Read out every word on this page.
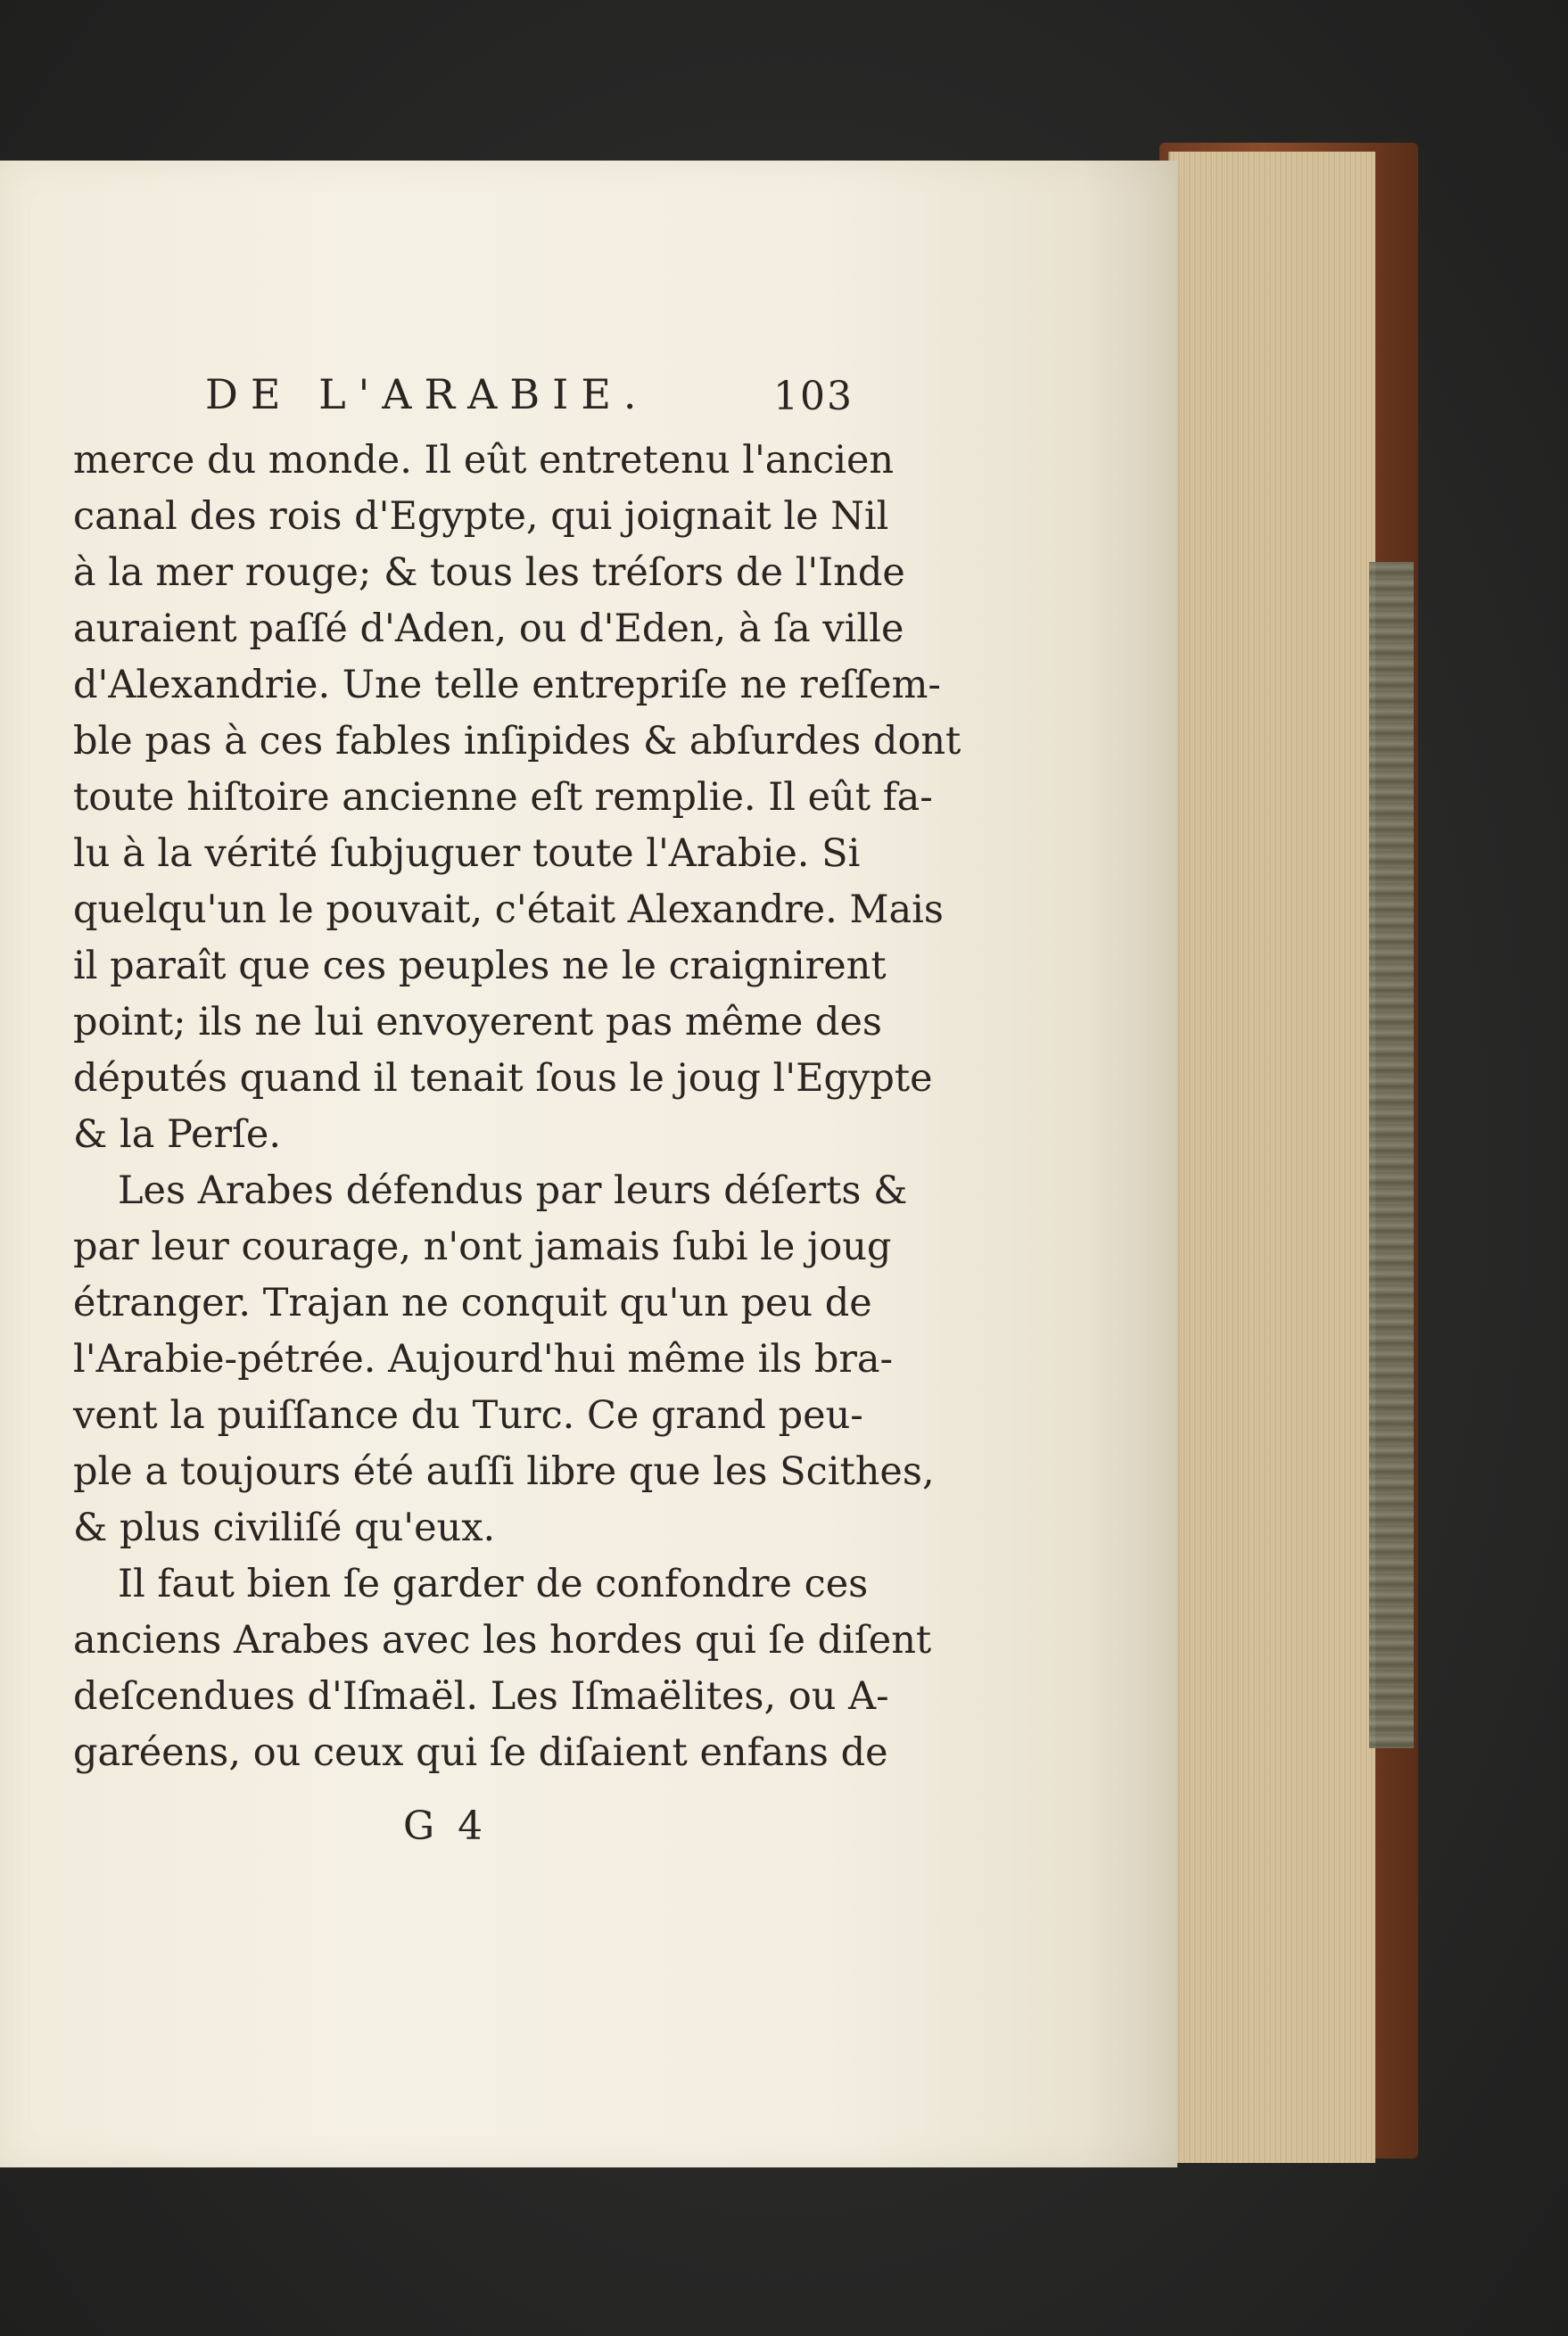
DE L'ARABIE.	103
merce du monde. Il eût entretenu l'ancien
canal des rois d'Egypte, qui joignait le Nil
à la mer rouge; & tous les tréſors de l'Inde
auraient paſſé d'Aden, ou d'Eden, à ſa ville
d'Alexandrie. Une telle entrepriſe ne reſſem-
ble pas à ces fables inſipides & abſurdes dont
toute hiſtoire ancienne eſt remplie. Il eût fa-
lu à la vérité ſubjuguer toute l'Arabie. Si
quelqu'un le pouvait, c'était Alexandre. Mais
il paraît que ces peuples ne le craignirent
point; ils ne lui envoyerent pas même des
députés quand il tenait ſous le joug l'Egypte
& la Perſe.
Les Arabes défendus par leurs déſerts &
par leur courage, n'ont jamais ſubi le joug
étranger. Trajan ne conquit qu'un peu de
l'Arabie-pétrée. Aujourd'hui même ils bra-
vent la puiſſance du Turc. Ce grand peu-
ple a toujours été auſſi libre que les Scithes,
& plus civiliſé qu'eux.
Il faut bien ſe garder de confondre ces
anciens Arabes avec les hordes qui ſe diſent
deſcendues d'Iſmaël. Les Iſmaëlites, ou A-
garéens, ou ceux qui ſe diſaient enfans de
G 4
